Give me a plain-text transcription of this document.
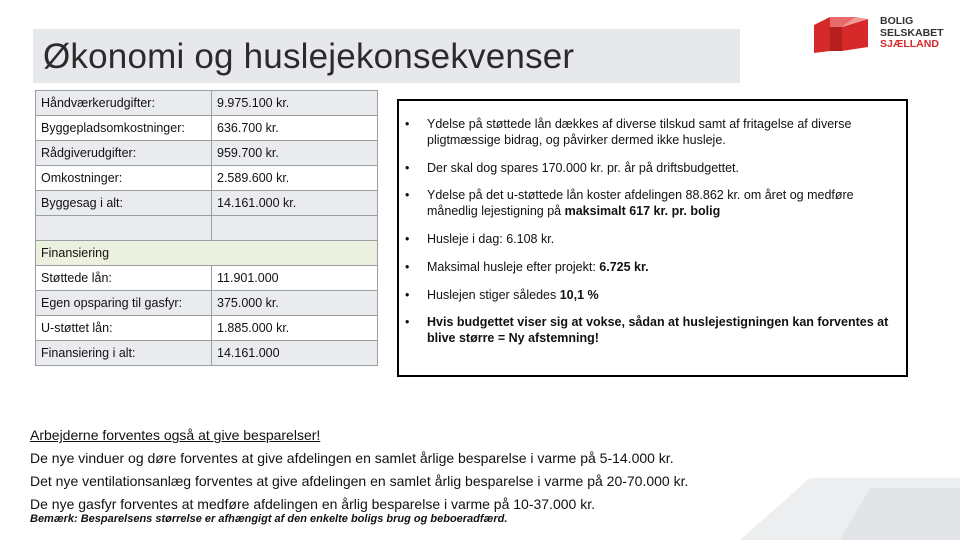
Økonomi og huslejekonsekvenser
BOLIG
SELSKABET
SJÆLLAND
Håndværkerudgifter:	9.975.100 kr.
Byggepladsomkostninger:	636.700 kr.
Rådgiverudgifter:	959.700 kr.
Omkostninger:	2.589.600 kr.
Byggesag i alt:	14.161.000 kr.

Finansiering	
Støttede lån:	11.901.000
Egen opsparing til gasfyr:	375.000 kr.
U-støttet lån:	1.885.000 kr.
Finansiering i alt:	14.161.000
• Ydelse på støttede lån dækkes af diverse tilskud samt af fritagelse af diverse pligtmæssige bidrag, og påvirker dermed ikke husleje.
• Der skal dog spares 170.000 kr. pr. år på driftsbudgettet.
• Ydelse på det u-støttede lån koster afdelingen 88.862 kr. om året og medføre månedlig lejestigning på maksimalt 617 kr. pr. bolig
• Husleje i dag: 6.108 kr.
• Maksimal husleje efter projekt: 6.725 kr.
• Huslejen stiger således 10,1 %
• Hvis budgettet viser sig at vokse, sådan at huslejestigningen kan forventes at blive større = Ny afstemning!
Arbejderne forventes også at give besparelser!
De nye vinduer og døre forventes at give afdelingen en samlet årlige besparelse i varme på 5-14.000 kr.
Det nye ventilationsanlæg forventes at give afdelingen en samlet årlig besparelse i varme på 20-70.000 kr.
De nye gasfyr forventes at medføre afdelingen en årlig besparelse i varme på 10-37.000 kr.
Bemærk: Besparelsens størrelse er afhængigt af den enkelte boligs brug og beboeradfærd.
